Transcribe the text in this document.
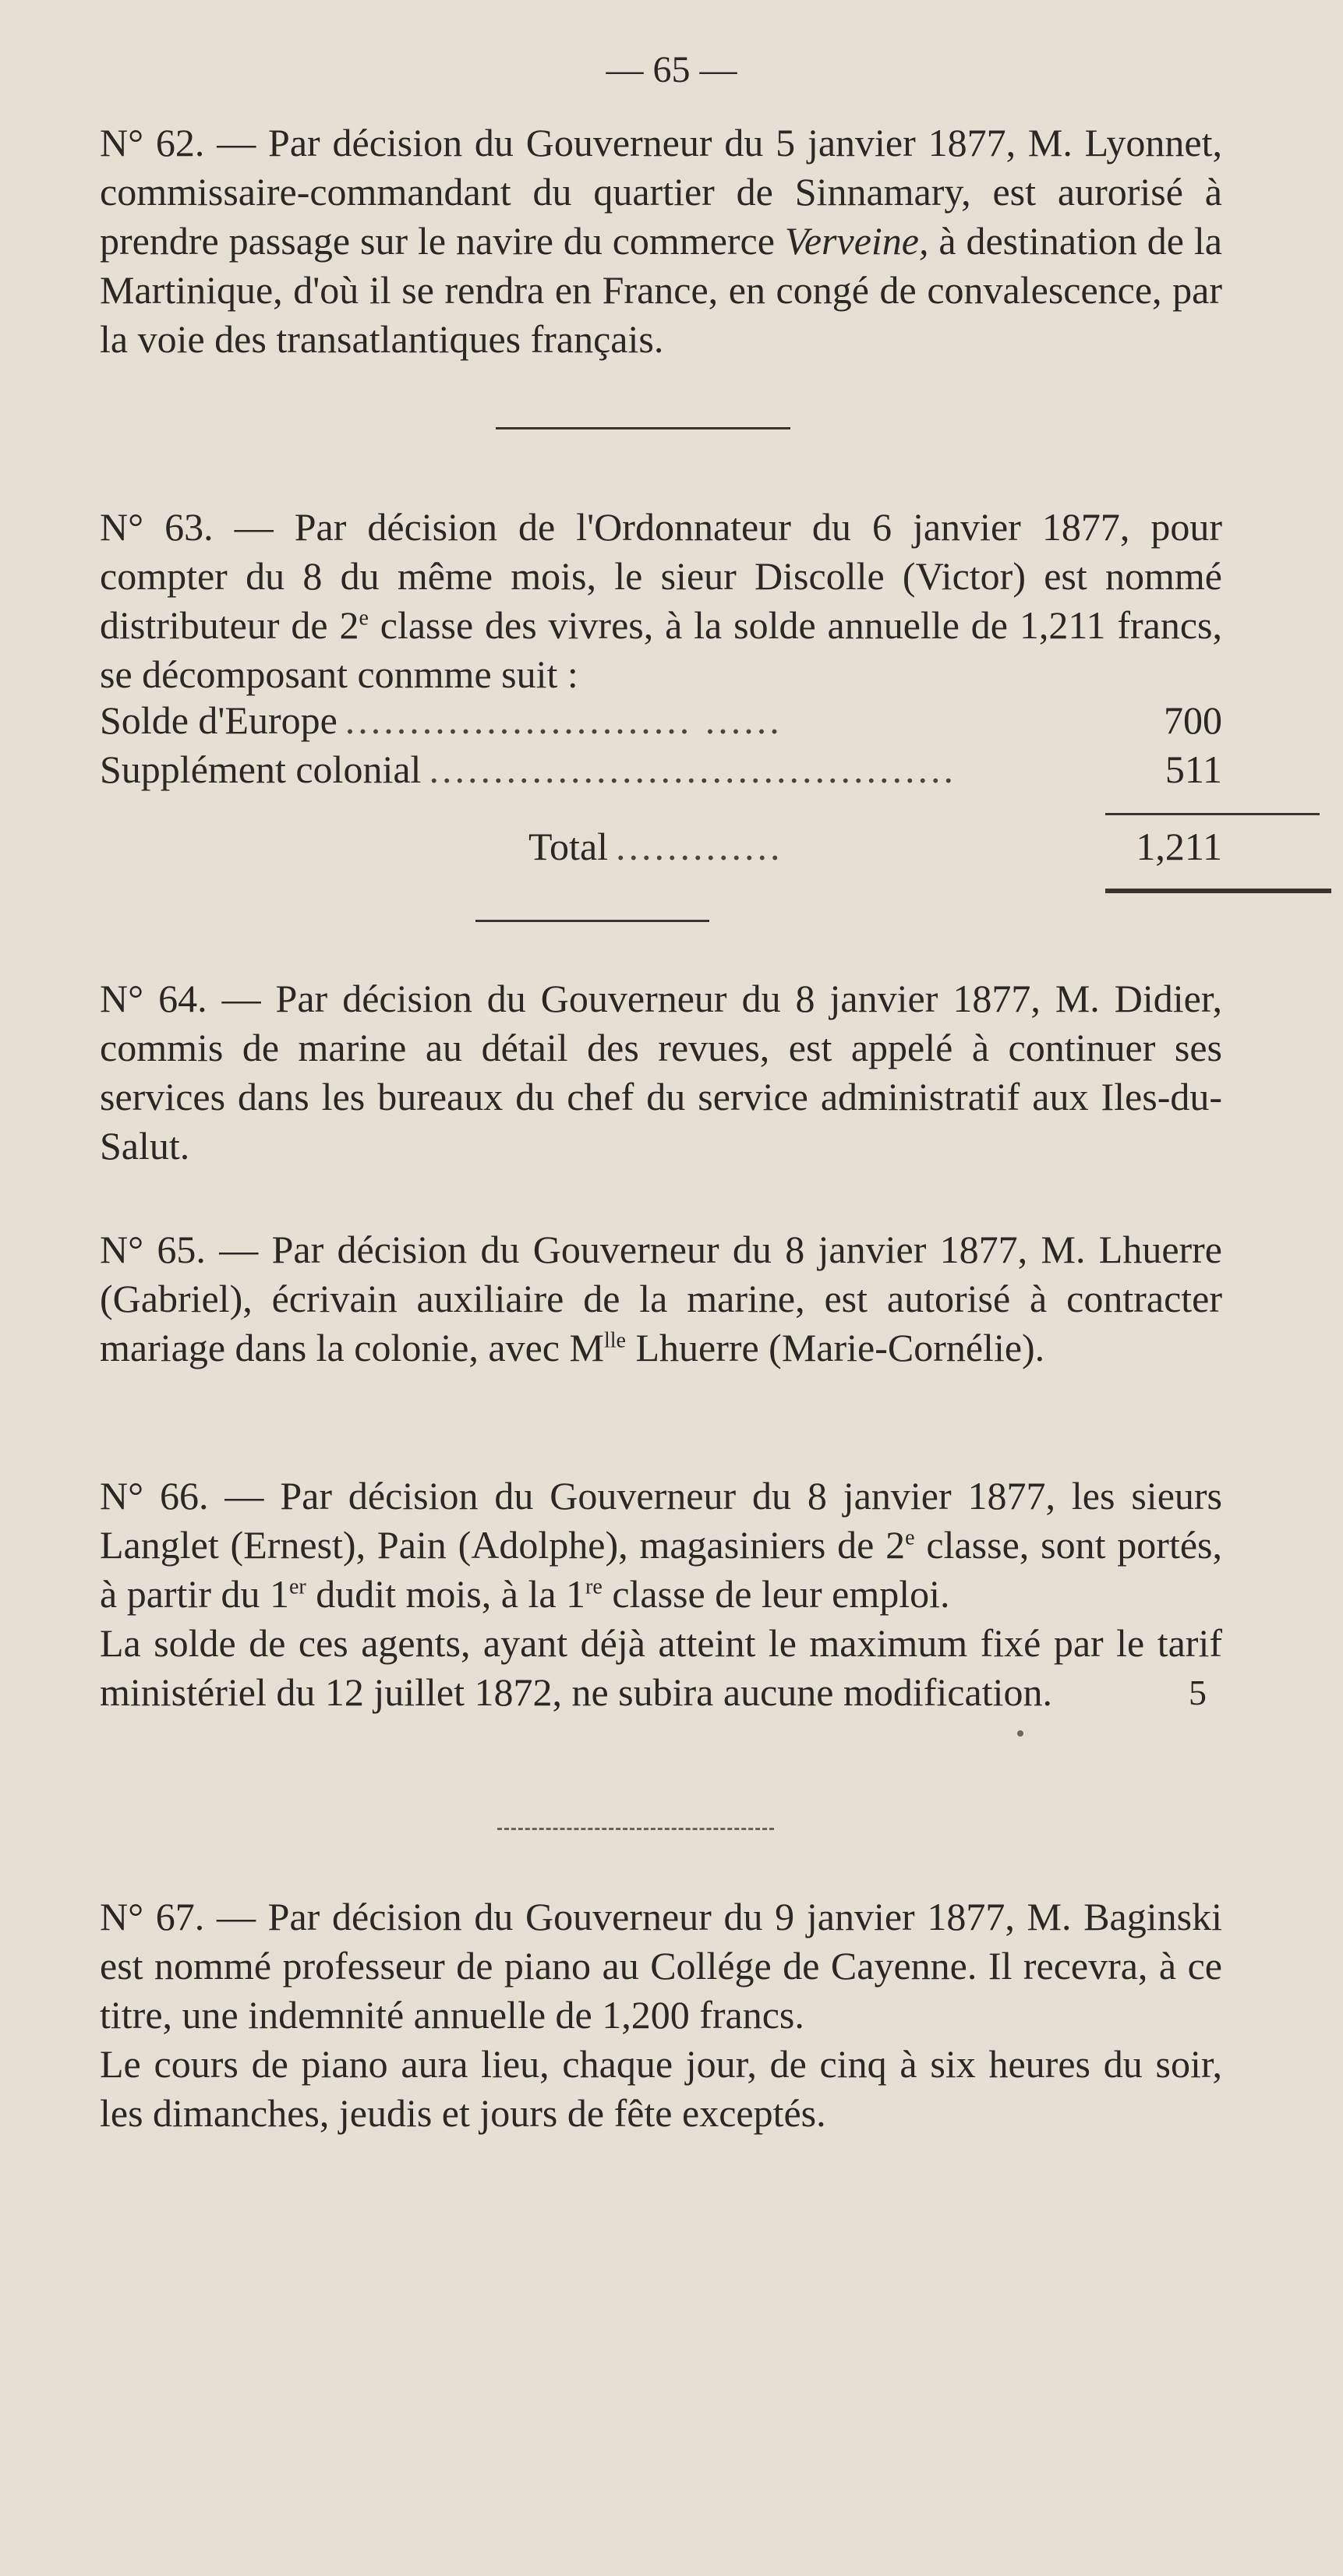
— 65 —

N° 62. — Par décision du Gouverneur du 5 janvier 1877, M. Lyonnet, commissaire-commandant du quartier de Sinnamary, est aurorisé à prendre passage sur le navire du commerce Verveine, à destination de la Martinique, d'où il se rendra en France, en congé de convalescence, par la voie des transatlantiques français.

N° 63. — Par décision de l'Ordonnateur du 6 janvier 1877, pour compter du 8 du même mois, le sieur Discolle (Victor) est nommé distributeur de 2e classe des vivres, à la solde annuelle de 1,211 francs, se décomposant conmme suit :

Solde d'Europe ........................... ......	700
Supplément colonial .........................................	511
Total .............	1,211

N° 64. — Par décision du Gouverneur du 8 janvier 1877, M. Didier, commis de marine au détail des revues, est appelé à continuer ses services dans les bureaux du chef du service administratif aux Iles-du-Salut.

N° 65. — Par décision du Gouverneur du 8 janvier 1877, M. Lhuerre (Gabriel), écrivain auxiliaire de la marine, est autorisé à contracter mariage dans la colonie, avec $M^{lle}$ Lhuerre (Marie-Cornélie).

N° 66. — Par décision du Gouverneur du 8 janvier 1877, les sieurs Langlet (Ernest), Pain (Adolphe), magasiniers de 2e classe, sont portés, à partir du 1er dudit mois, à la 1re classe de leur emploi.

La solde de ces agents, ayant déjà atteint le maximum fixé par le tarif ministériel du 12 juillet 1872, ne subira aucune modification.

N° 67. — Par décision du Gouverneur du 9 janvier 1877, M. Baginski est nommé professeur de piano au Collége de Cayenne. Il recevra, à ce titre, une indemnité annuelle de 1,200 francs.

Le cours de piano aura lieu, chaque jour, de cinq à six heures du soir, les dimanches, jeudis et jours de fête exceptés.

5
